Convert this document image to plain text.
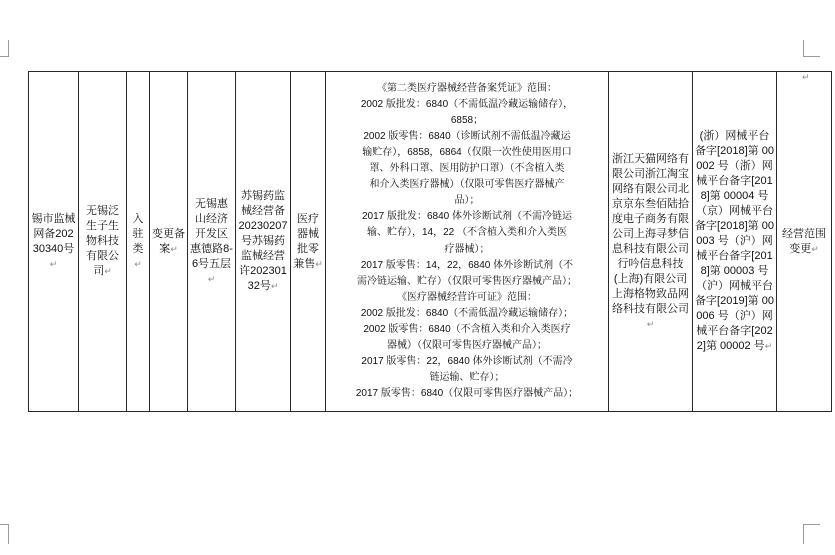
锡市监械网备20230340号↵	无锡泛生子生物科技有限公司↵	入驻类↵	变更备案↵	无锡惠山经济开发区惠德路8-6号五层↵	苏锡药监械经营备20230207号苏锡药监械经营许20230132号↵	医疗器械批零兼售↵	
《第二类医疗器械经营备案凭证》范围：
2002 版批发：6840（不需低温冷藏运输储存），
6858；
2002 版零售：6840（诊断试剂不需低温冷藏运
输贮存），6858，6864（仅限一次性使用医用口
罩、外科口罩、医用防护口罩）（不含植入类
和介入类医疗器械）（仅限可零售医疗器械产
品）；
2017 版批发：6840 体外诊断试剂（不需冷链运
输、贮存），14，22 （不含植入类和介入类医
疗器械）；
2017 版零售：14，22，6840 体外诊断试剂（不
需冷链运输、贮存）（仅限可零售医疗器械产品）；
《医疗器械经营许可证》范围：
2002 版批发：6840（不需低温冷藏运输储存）；
2002 版零售：6840（不含植入类和介入类医疗
器械）（仅限可零售医疗器械产品）；
2017 版零售：22，6840 体外诊断试剂（不需冷
链运输、贮存）；
2017 版零售：6840（仅限可零售医疗器械产品）；
	浙江天猫网络有限公司浙江淘宝网络有限公司北京京东叁佰陆拾度电子商务有限公司上海寻梦信息科技有限公司行吟信息科技(上海)有限公司 上海格物致品网络科技有限公司↵	(浙）网械平台备字[2018]第 00002 号（浙）网械平台备字[2018]第 00004 号（京）网械平台备字[2018]第 00003 号（沪）网械平台备字[2018]第 00003 号（沪）网械平台备字[2019]第 00006 号（沪）网械平台备字[2022]第 00002 号↵	经营范围变更↵
↵
